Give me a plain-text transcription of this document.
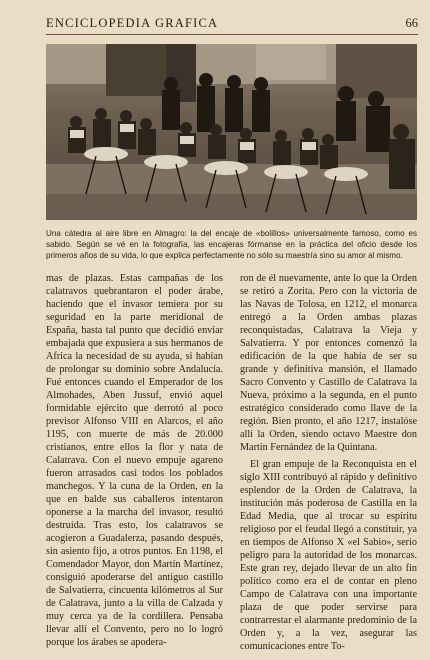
ENCICLOPEDIA GRAFICA	66
Una cátedra al aire libre en Almagro: la del encaje de «bolillos» universalmente famoso, como es sabido. Según se vé en la fotografía, las encajeras fórmanse en la práctica del oficio desde los primeros años de su vida, lo que explica perfectamente no sólo su maestría sino su amor al mismo.

mas de plazas. Estas campañas de los calatravos quebrantaron el poder árabe, haciendo que el invasor temiera por su seguridad en la parte meridional de España, hasta tal punto que decidió enviar embajada que expusiera a sus hermanos de Africa la necesidad de su ayuda, si habían de prolongar su dominio sobre Andalucía. Fué entonces cuando el Emperador de los Almohades, Aben Jussuf, envió aquel formidable ejército que derrotó al poco previsor Alfonso VIII en Alarcos, el año 1195, con muerte de más de 20.000 cristianos, entre ellos la flor y nata de Calatrava. Con el nuevo empuje agareno fueron arrasados casi todos los poblados manchegos. Y la cuna de la Orden, en la que en balde sus caballeros intentaron oponerse a la marcha del invasor, resultó destruída. Tras esto, los calatravos se acogieron a Guadalerza, pasando después, sin asiento fijo, a otros puntos. En 1198, el Comendador Mayor, don Martín Martínez, consiguió apoderarse del antiguo castillo de Salvatierra, cincuenta kilómetros al Sur de Calatrava, junto a la villa de Calzada y muy cerca ya de la cordillera. Pensaba llevar allí el Convento, pero no lo logró porque los árabes se apodera-

ron de él nuevamente, ante lo que la Orden se retiró a Zorita. Pero con la victoria de las Navas de Tolosa, en 1212, el monarca entregó a la Orden ambas plazas reconquistadas, Calatrava la Vieja y Salvatierra. Y por entonces comenzó la edificación de la que había de ser su grande y definitiva mansión, el llamado Sacro Convento y Castillo de Calatrava la Nueva, próximo a la segunda, en el punto estratégico considerado como llave de la región. Bien pronto, el año 1217, instalóse allí la Orden, siendo octavo Maestre don Martín Fernández de la Quintana.

El gran empuje de la Reconquista en el siglo XIII contribuyó al rápido y definitivo esplendor de la Orden de Calatrava, la institución más poderosa de Castilla en la Edad Media, que al trocar su espíritu religioso por el feudal llegó a constituir, ya en tiempos de Alfonso X «el Sabio», serio peligro para la autoridad de los monarcas. Este gran rey, dejado llevar de un alto fin político como era el de contar en pleno Campo de Calatrava con una importante plaza de que poder servirse para contrarrestar el alarmante predominio de la Orden y, a la vez, asegurar las comunicaciones entre To-
